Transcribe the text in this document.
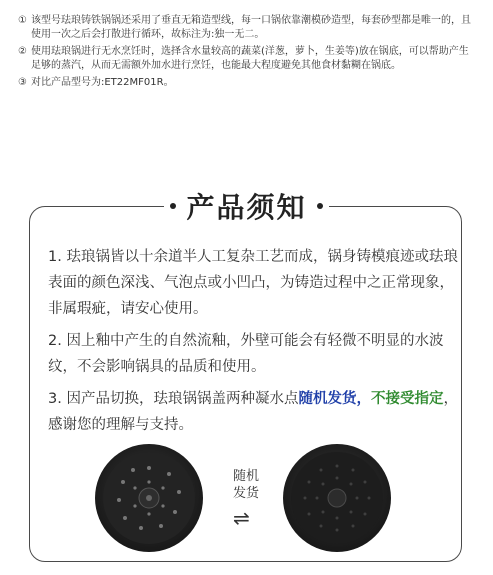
① 该型号珐琅铸铁锅锅还采用了垂直无箱造型线，每一口锅依靠潮模砂造型，每套砂型都是唯一的，且使用一次之后会打散进行循环，故标注为:独一无二。
② 使用珐琅锅进行无水烹饪时，选择含水量较高的蔬菜(洋葱，萝卜，生姜等)放在锅底，可以帮助产生足够的蒸汽，从而无需额外加水进行烹饪，也能最大程度避免其他食材黏糊在锅底。
③ 对比产品型号为:ET22MF01R。
产品须知
1. 珐琅锅皆以十余道半人工复杂工艺而成，锅身铸模痕迹或珐琅表面的颜色深浅、气泡点或小凹凸，为铸造过程中之正常现象，非属瑕疵，请安心使用。
2. 因上釉中产生的自然流釉，外壁可能会有轻微不明显的水波纹，不会影响锅具的品质和使用。
3. 因产品切换，珐琅锅锅盖两种凝水点随机发货，不接受指定，感谢您的理解与支持。
随机
发货
⇌
